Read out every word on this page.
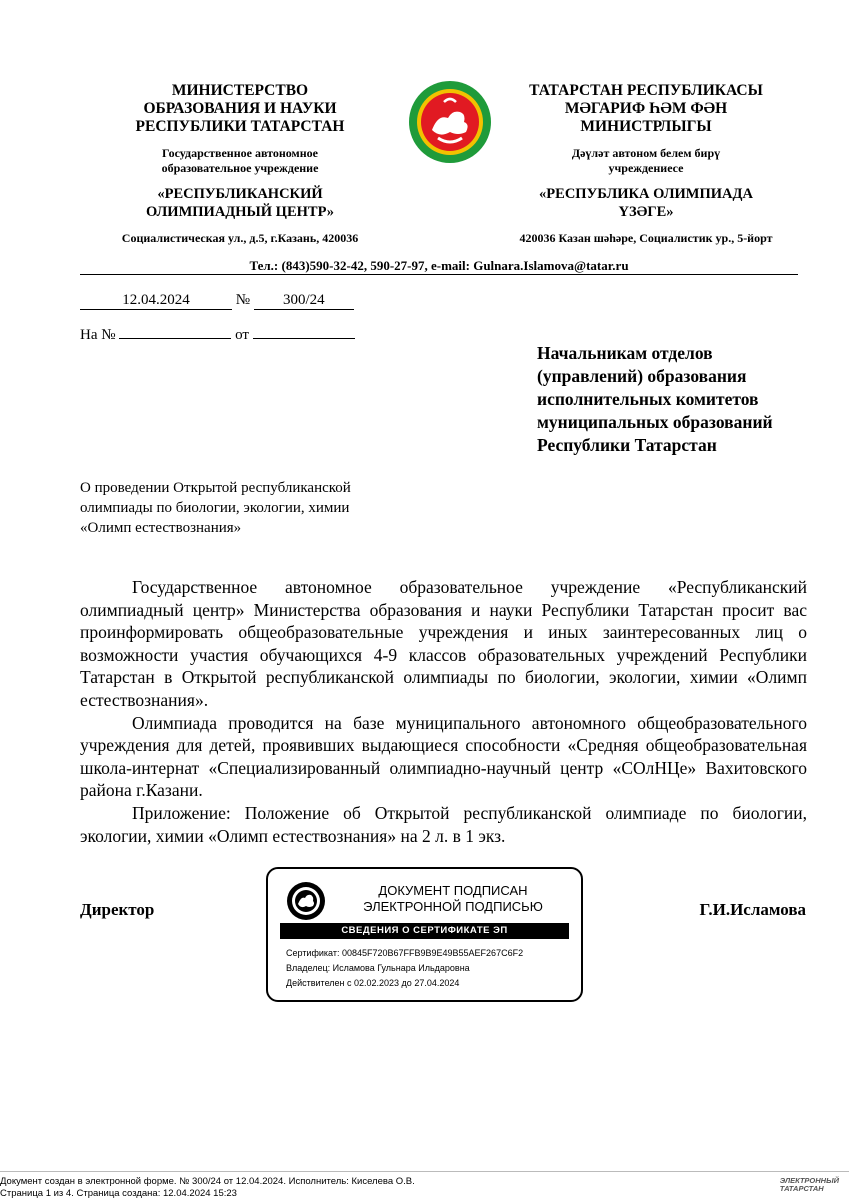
МИНИСТЕРСТВО
ОБРАЗОВАНИЯ И НАУКИ
РЕСПУБЛИКИ ТАТАРСТАН
Государственное автономное
образовательное учреждение
«РЕСПУБЛИКАНСКИЙ
ОЛИМПИАДНЫЙ ЦЕНТР»
Социалистическая ул., д.5, г.Казань, 420036
ТАТАРСТАН РЕСПУБЛИКАСЫ
МӘГАРИФ ҺӘМ ФӘН
МИНИСТРЛЫГЫ
Дәүләт автоном белем бирү
учреждениесе
«РЕСПУБЛИКА ОЛИМПИАДА
ҮЗӘГЕ»
420036 Казан шәһәре, Социалистик ур., 5-йорт
Тел.: (843)590-32-42, 590-27-97, e-mail: Gulnara.Islamova@tatar.ru
12.04.2024	№ 300/24
На №	от
Начальникам отделов
(управлений) образования
исполнительных комитетов
муниципальных образований
Республики Татарстан
О проведении Открытой республиканской
олимпиады по биологии, экологии, химии
«Олимп естествознания»

Государственное автономное образовательное учреждение «Республиканский олимпиадный центр» Министерства образования и науки Республики Татарстан просит вас проинформировать общеобразовательные учреждения и иных заинтересованных лиц о возможности участия обучающихся 4-9 классов образовательных учреждений Республики Татарстан в Открытой республиканской олимпиады по биологии, экологии, химии «Олимп естествознания».

Олимпиада проводится на базе муниципального автономного общеобразовательного учреждения для детей, проявивших выдающиеся способности «Средняя общеобразовательная школа-интернат «Специализированный олимпиадно-научный центр «СОлНЦе» Вахитовского района г.Казани.

Приложение: Положение об Открытой республиканской олимпиаде по биологии, экологии, химии «Олимп естествознания» на 2 л. в 1 экз.

Директор	Г.И.Исламова
ДОКУМЕНТ ПОДПИСАН
ЭЛЕКТРОННОЙ ПОДПИСЬЮ
СВЕДЕНИЯ О СЕРТИФИКАТЕ ЭП
Сертификат: 00845F720B67FFB9B9E49B55AEF267C6F2
Владелец: Исламова Гульнара Ильдаровна
Действителен с 02.02.2023 до 27.04.2024
Документ создан в электронной форме. № 300/24 от 12.04.2024. Исполнитель: Киселева О.В.
Страница 1 из 4. Страница создана: 12.04.2024 15:23
ЭЛЕКТРОННЫЙ
ТАТАРСТАН
